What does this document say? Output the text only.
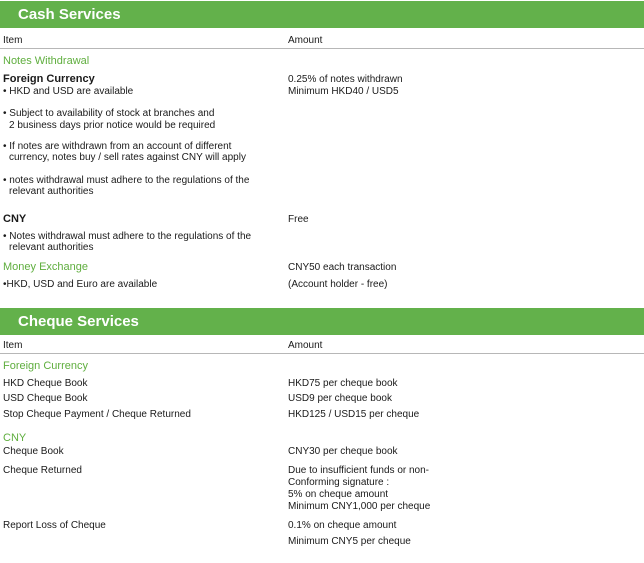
Cash Services
Item	Amount
Notes Withdrawal
Foreign Currency	0.25% of notes withdrawn
• HKD and USD are available	Minimum HKD40 / USD5
• Subject to availability of stock at branches and
2 business days prior notice would be required
• If notes are withdrawn from an account of different
currency, notes buy / sell rates against CNY will apply
• notes withdrawal must adhere to the regulations of the
relevant authorities
CNY	Free
• Notes withdrawal must adhere to the regulations of the
relevant authorities
Money Exchange	CNY50 each transaction
•HKD, USD and Euro are available	(Account holder - free)
Cheque Services
Item	Amount
Foreign Currency
HKD Cheque Book	HKD75 per cheque book
USD Cheque Book	USD9 per cheque book
Stop Cheque Payment / Cheque Returned	HKD125 / USD15 per cheque
CNY
Cheque Book	CNY30 per cheque book
Cheque Returned	Due to insufficient funds or non-
Conforming signature :
5% on cheque amount
Minimum CNY1,000 per cheque
Report Loss of Cheque	0.1% on cheque amount
Minimum CNY5 per cheque
